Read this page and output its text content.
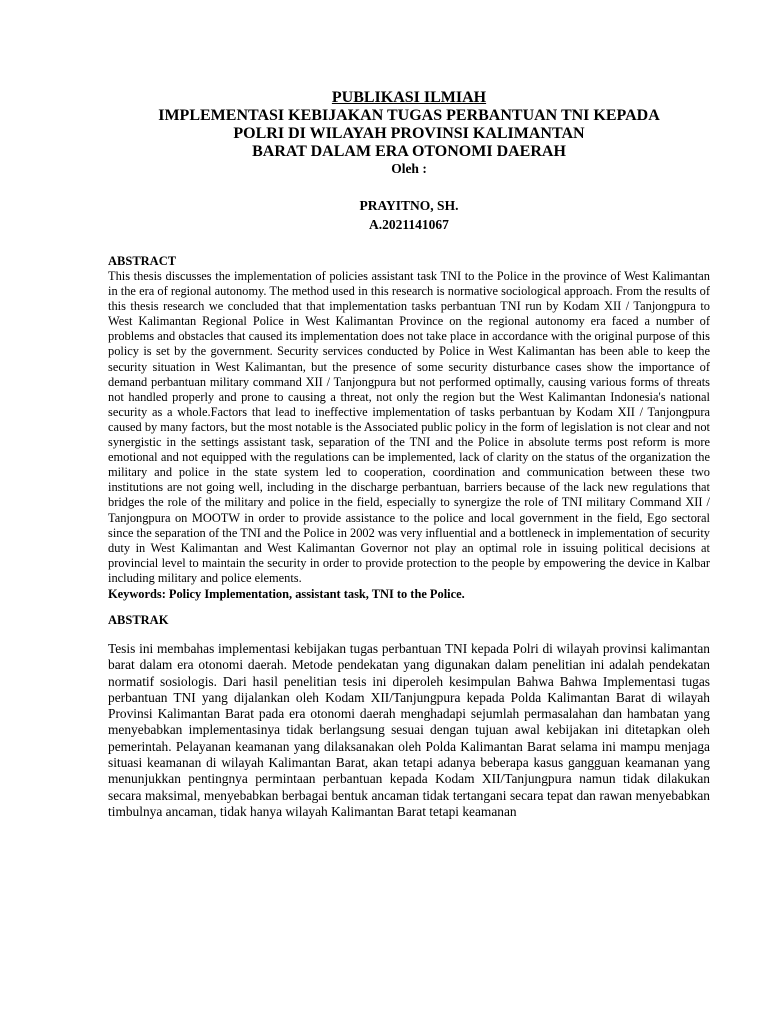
PUBLIKASI ILMIAH
IMPLEMENTASI KEBIJAKAN TUGAS PERBANTUAN TNI KEPADA
POLRI DI WILAYAH PROVINSI KALIMANTAN
BARAT DALAM ERA OTONOMI DAERAH
Oleh :
PRAYITNO, SH.
A.2021141067
ABSTRACT

This thesis discusses the implementation of policies assistant task TNI to the Police in the province of West Kalimantan in the era of regional autonomy. The method used in this research is normative sociological approach. From the results of this thesis research we concluded that that implementation tasks perbantuan TNI run by Kodam XII / Tanjongpura to West Kalimantan Regional Police in West Kalimantan Province on the regional autonomy era faced a number of problems and obstacles that caused its implementation does not take place in accordance with the original purpose of this policy is set by the government. Security services conducted by Police in West Kalimantan has been able to keep the security situation in West Kalimantan, but the presence of some security disturbance cases show the importance of demand perbantuan military command XII / Tanjongpura but not performed optimally, causing various forms of threats not handled properly and prone to causing a threat, not only the region but the West Kalimantan Indonesia's national security as a whole.Factors that lead to ineffective implementation of tasks perbantuan by Kodam XII / Tanjongpura caused by many factors, but the most notable is the Associated public policy in the form of legislation is not clear and not synergistic in the settings assistant task, separation of the TNI and the Police in absolute terms post reform is more emotional and not equipped with the regulations can be implemented, lack of clarity on the status of the organization the military and police in the state system led to cooperation, coordination and communication between these two institutions are not going well, including in the discharge perbantuan, barriers because of the lack new regulations that bridges the role of the military and police in the field, especially to synergize the role of TNI military Command XII / Tanjongpura on MOOTW in order to provide assistance to the police and local government in the field, Ego sectoral since the separation of the TNI and the Police in 2002 was very influential and a bottleneck in implementation of security duty in West Kalimantan and West Kalimantan Governor not play an optimal role in issuing political decisions at provincial level to maintain the security in order to provide protection to the people by empowering the device in Kalbar including military and police elements.

Keywords: Policy Implementation, assistant task, TNI to the Police.
ABSTRAK

Tesis ini membahas implementasi kebijakan tugas perbantuan TNI kepada Polri di wilayah provinsi kalimantan barat dalam era otonomi daerah. Metode pendekatan yang digunakan dalam penelitian ini adalah pendekatan normatif sosiologis. Dari hasil penelitian tesis ini diperoleh kesimpulan Bahwa Bahwa Implementasi tugas perbantuan TNI yang dijalankan oleh Kodam XII/Tanjungpura kepada Polda Kalimantan Barat di wilayah Provinsi Kalimantan Barat pada era otonomi daerah menghadapi sejumlah permasalahan dan hambatan yang menyebabkan implementasinya tidak berlangsung sesuai dengan tujuan awal kebijakan ini ditetapkan oleh pemerintah. Pelayanan keamanan yang dilaksanakan oleh Polda Kalimantan Barat selama ini mampu menjaga situasi keamanan di wilayah Kalimantan Barat, akan tetapi adanya beberapa kasus gangguan keamanan yang menunjukkan pentingnya permintaan perbantuan kepada Kodam XII/Tanjungpura namun tidak dilakukan secara maksimal, menyebabkan berbagai bentuk ancaman tidak tertangani secara tepat dan rawan menyebabkan timbulnya ancaman, tidak hanya wilayah Kalimantan Barat tetapi keamanan
